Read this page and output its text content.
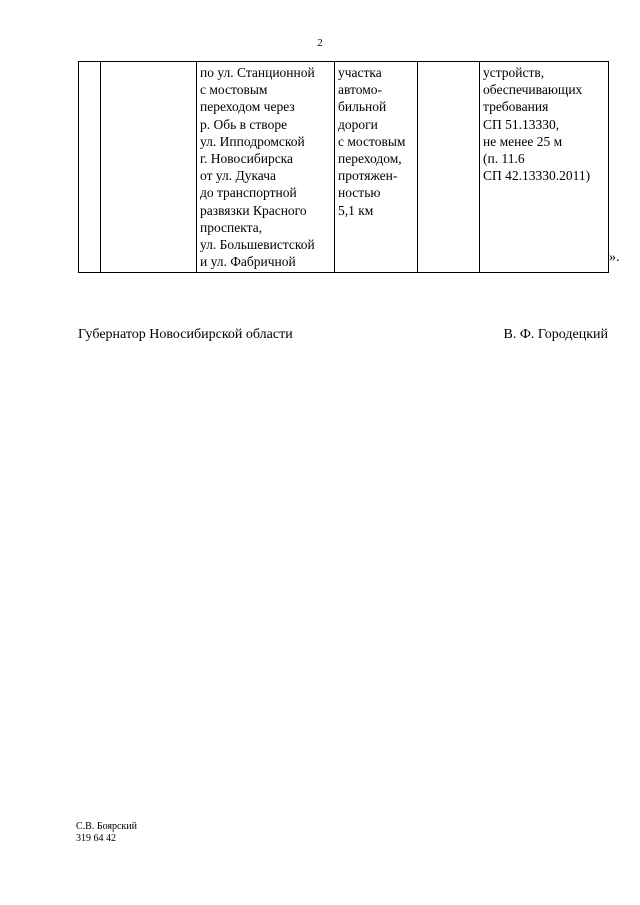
2
		по ул. Станционной
с мостовым
переходом через
р. Обь в створе
ул. Ипподромской
г. Новосибирска
от ул. Дукача
до транспортной
развязки Красного
проспекта,
ул. Большевистской
и ул. Фабричной	участка
автомо-
бильной
дороги
с мостовым
переходом,
протяжен-
ностью
5,1 км		устройств,
обеспечивающих
требования
СП 51.13330,
не менее 25 м
(п. 11.6
СП 42.13330.2011)
».
Губернатор Новосибирской области	В. Ф. Городецкий
С.В. Боярский
319 64 42
